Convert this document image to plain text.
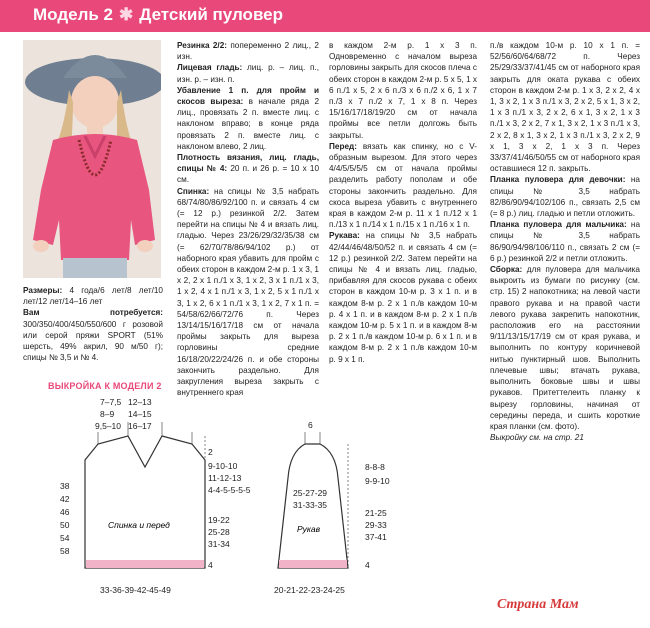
Модель 2 ✱ Детский пуловер

Размеры: 4 года/6 лет/8 лет/10 лет/12 лет/14–16 лет

Вам потребуется: 300/350/400/450/550/600 г розовой или серой пряжи SPORT (51% шерсть, 49% акрил, 90 м/50 г); спицы № 3,5 и № 4.

Резинка 2/2: попеременно 2 лиц., 2 изн.

Лицевая гладь: лиц. р. – лиц. п., изн. р. – изн. п.

Убавление 1 п. для пройм и скосов выреза: в начале ряда 2 лиц., провязать 2 п. вместе лиц. с наклоном вправо; в конце ряда провязать 2 п. вместе лиц. с наклоном влево, 2 лиц.

Плотность вязания, лиц. гладь, спицы № 4: 20 п. и 26 р. = 10 х 10 см.

Спинка: на спицы № 3,5 набрать 68/74/80/86/92/100 п. и связать 4 см (= 12 р.) резинкой 2/2. Затем перейти на спицы № 4 и вязать лиц. гладью. Через 23/26/29/32/35/38 см (= 62/70/78/86/94/102 р.) от наборного края убавить для пройм с обеих сторон в каждом 2-м р. 1 х 3, 1 х 2, 2 х 1 п./1 х 3, 1 х 2, 3 х 1 п./1 х 3, 1 х 2, 4 х 1 п./1 х 3, 1 х 2, 5 х 1 п./1 х 3, 1 х 2, 6 х 1 п./1 х 3, 1 х 2, 7 х 1 п. = 54/58/62/66/72/76 п. Через 13/14/15/16/17/18 см от начала проймы закрыть для выреза горловины средние 16/18/20/22/24/26 п. и обе стороны закончить раздельно. Для закругления выреза закрыть с внутреннего края

в каждом 2-м р. 1 х 3 п. Одновременно с началом выреза горловины закрыть для скосов плеча с обеих сторон в каждом 2-м р. 5 х 5, 1 х 6 п./1 х 5, 2 х 6 п./3 х 6 п./2 х 6, 1 х 7 п./3 х 7 п./2 х 7, 1 х 8 п. Через 15/16/17/18/19/20 см от начала проймы все петли долгожь быть закрыты.

Перед: вязать как спинку, но с V-образным вырезом. Для этого через 4/4/5/5/5/5 см от начала проймы разделить работу пополам и обе стороны закончить раздельно. Для скоса выреза убавить с внутреннего края в каждом 2-м р. 11 х 1 п./12 х 1 п./13 х 1 п./14 х 1 п./15 х 1 п./16 х 1 п.

Рукава: на спицы № 3,5 набрать 42/44/46/48/50/52 п. и связать 4 см (= 12 р.) резинкой 2/2. Затем перейти на спицы № 4 и вязать лиц. гладью, прибавляя для скосов рукава с обеих сторон в каждом 10-м р. 3 х 1 п. и в каждом 8-м р. 2 х 1 п./в каждом 10-м р. 4 х 1 п. и в каждом 8-м р. 2 х 1 п./в каждом 10-м р. 5 х 1 п. и в каждом 8-м р. 2 х 1 п./в каждом 10-м р. 6 х 1 п. и в каждом 8-м р. 2 х 1 п./в каждом 10-м р. 9 х 1 п.

п./в каждом 10-м р. 10 х 1 п. = 52/56/60/64/68/72 п. Через 25/29/33/37/41/45 см от наборного края закрыть для оката рукава с обеих сторон в каждом 2-м р. 1 х 3, 2 х 2, 4 х 1, 3 х 2, 1 х 3 п./1 х 3, 2 х 2, 5 х 1, 3 х 2, 1 х 3 п./1 х 3, 2 х 2, 6 х 1, 3 х 2, 1 х 3 п./1 х 3, 2 х 2, 7 х 1, 3 х 2, 1 х 3 п./1 х 3, 2 х 2, 8 х 1, 3 х 2, 1 х 3 п./1 х 3, 2 х 2, 9 х 1, 3 х 2, 1 х 3 п. Через 33/37/41/46/50/55 см от наборного края оставшиеся 12 п. закрыть.

Планка пуловера для девочки: на спицы № 3,5 набрать 82/86/90/94/102/106 п., связать 2,5 см (= 8 р.) лиц. гладью и петли отложить.

Планка пуловера для мальчика: на спицы № 3,5 набрать 86/90/94/98/106/110 п., связать 2 см (= 6 р.) резинкой 2/2 и петли отложить.

Сборка: для пуловера для мальчика выкроить из бумаги по рисунку (см. стр. 15) 2 напокотника; на левой части правого рукава и на правой части левого рукава закрепить напокотник, расположив его на расстоянии 9/11/13/15/17/19 см от края рукава, и выполнить по контуру коричневой нитью пунктирный шов. Выполнить плечевые швы; втачать рукава, выполнить боковые швы и швы рукавов. Притеттелеить планку к вырезу горловины, начиная от середины переда, и сшить короткие края планки (см. фото).

Выкройку см. на стр. 21

ВЫКРОЙКА К МОДЕЛИ 2
Спинка и перед
7–7,5 12–13
8–9 14–15
9,5–10 16–17
2
9-10-10
11-12-13
4-4-5-5-5-5
19-22
25-28
31-34
4
38
42
46
50
54
58
33-36-39-42-45-49
Рукав
6
8-8-8
9-9-10
25-27-29
31-33-35
21-25
29-33
37-41
4
20-21-22-23-24-25
Страна Мам
